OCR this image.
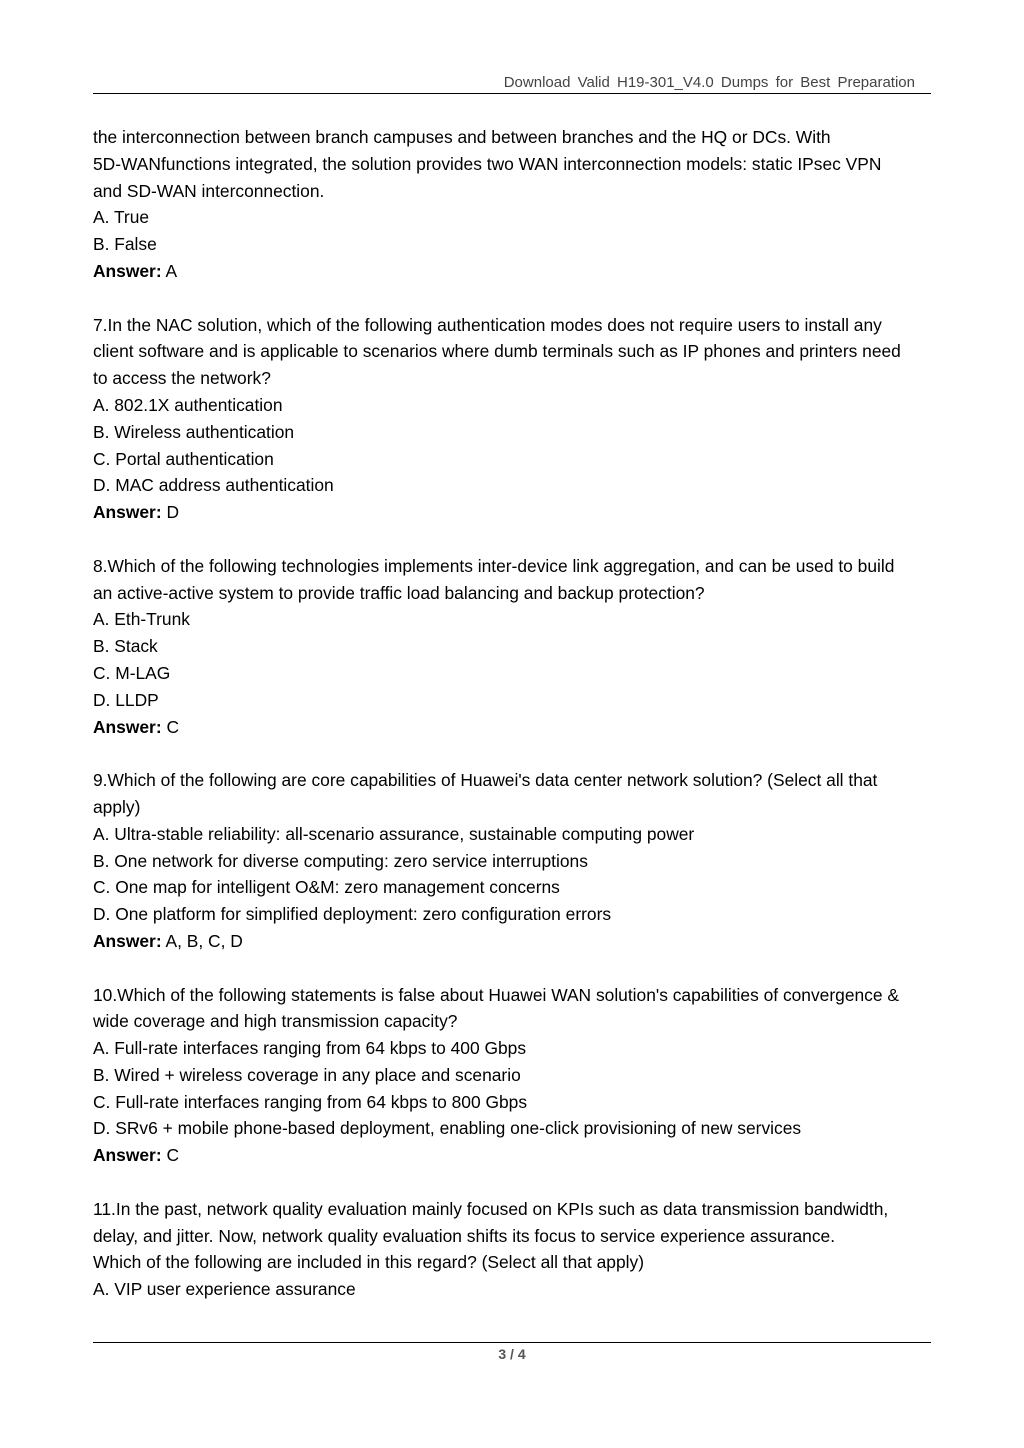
Download Valid H19-301_V4.0 Dumps for Best Preparation
the interconnection between branch campuses and between branches and the HQ or DCs. With
5D-WANfunctions integrated, the solution provides two WAN interconnection models: static IPsec VPN
and SD-WAN interconnection.
A. True
B. False
Answer: A
7.In the NAC solution, which of the following authentication modes does not require users to install any
client software and is applicable to scenarios where dumb terminals such as IP phones and printers need
to access the network?
A. 802.1X authentication
B. Wireless authentication
C. Portal authentication
D. MAC address authentication
Answer: D
8.Which of the following technologies implements inter-device link aggregation, and can be used to build
an active-active system to provide traffic load balancing and backup protection?
A. Eth-Trunk
B. Stack
C. M-LAG
D. LLDP
Answer: C
9.Which of the following are core capabilities of Huawei's data center network solution? (Select all that
apply)
A. Ultra-stable reliability: all-scenario assurance, sustainable computing power
B. One network for diverse computing: zero service interruptions
C. One map for intelligent O&M: zero management concerns
D. One platform for simplified deployment: zero configuration errors
Answer: A, B, C, D
10.Which of the following statements is false about Huawei WAN solution's capabilities of convergence &
wide coverage and high transmission capacity?
A. Full-rate interfaces ranging from 64 kbps to 400 Gbps
B. Wired + wireless coverage in any place and scenario
C. Full-rate interfaces ranging from 64 kbps to 800 Gbps
D. SRv6 + mobile phone-based deployment, enabling one-click provisioning of new services
Answer: C
11.In the past, network quality evaluation mainly focused on KPIs such as data transmission bandwidth,
delay, and jitter. Now, network quality evaluation shifts its focus to service experience assurance.
Which of the following are included in this regard? (Select all that apply)
A. VIP user experience assurance
3 / 4
